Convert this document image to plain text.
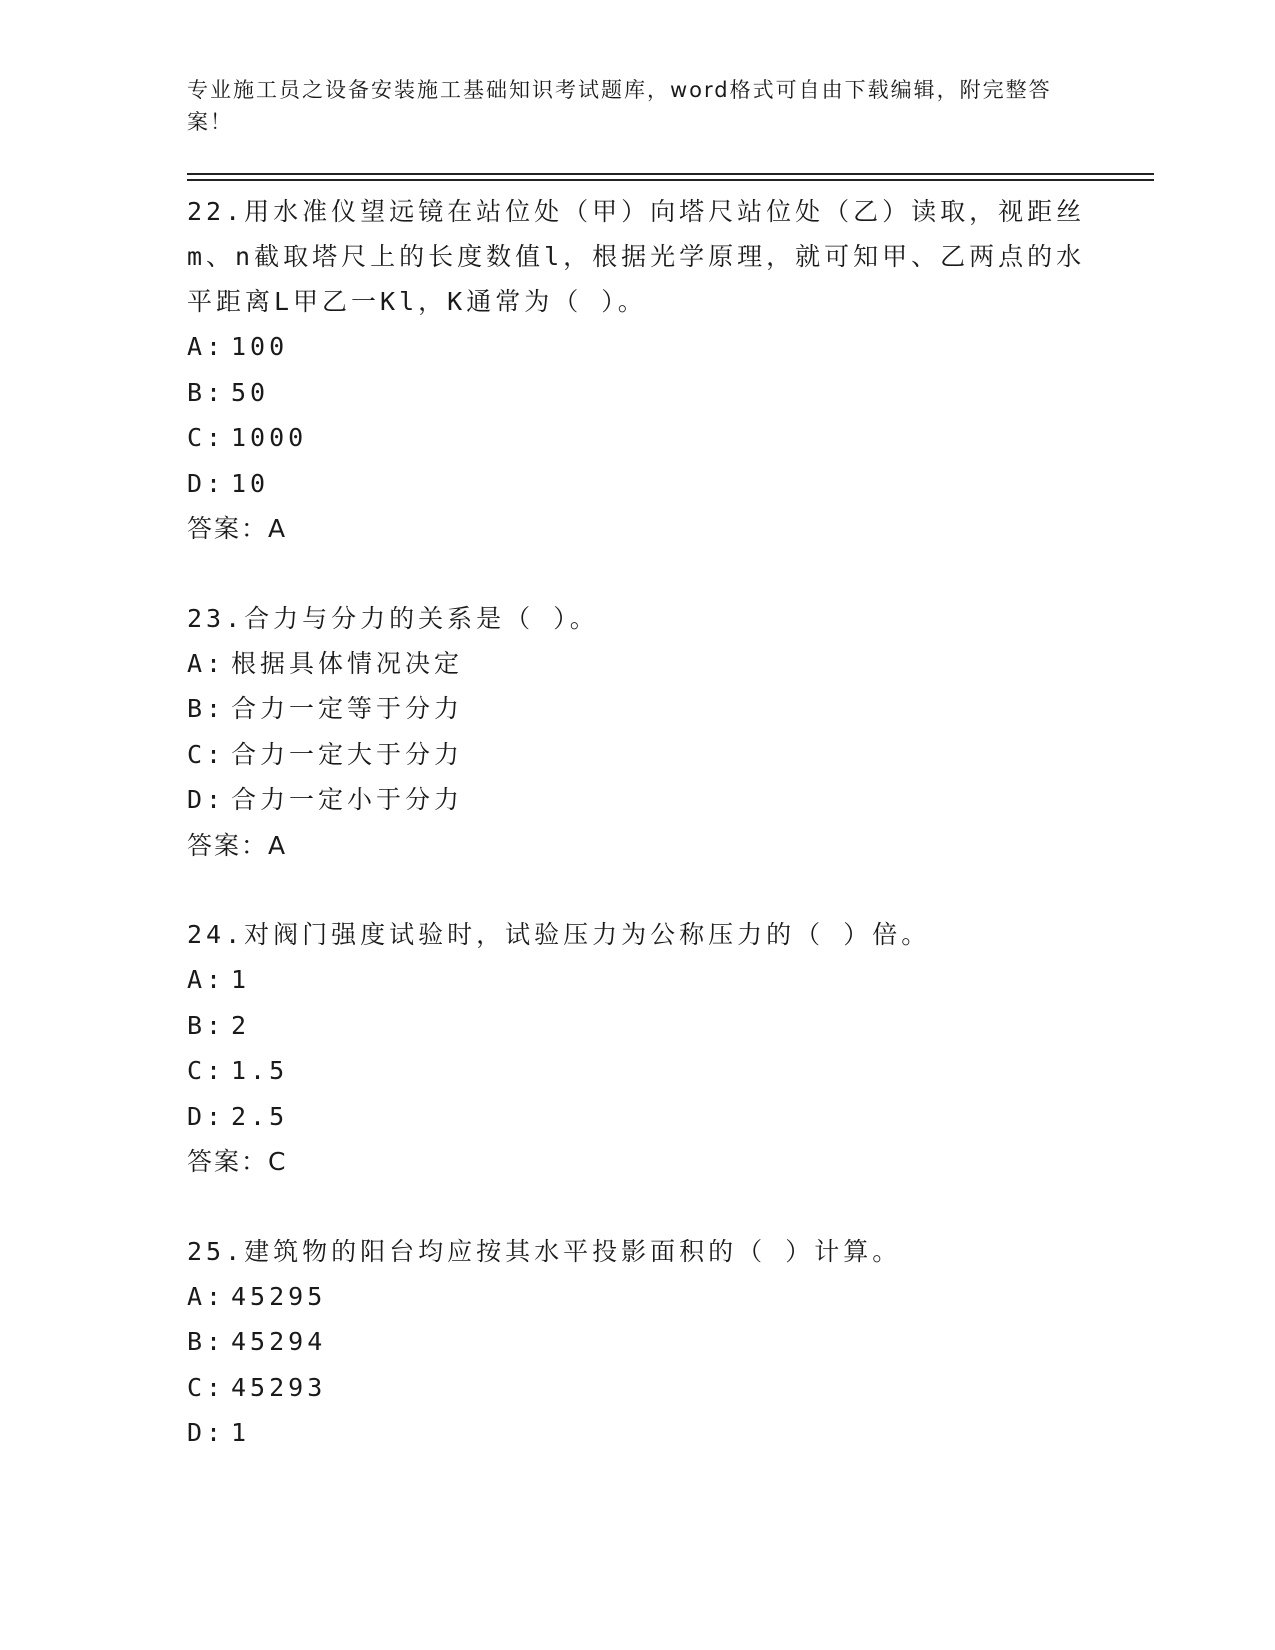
专业施工员之设备安装施工基础知识考试题库，word格式可自由下载编辑，附完整答案！

22.用水准仪望远镜在站位处（甲）向塔尺站位处（乙）读取，视距丝m、n截取塔尺上的长度数值l，根据光学原理，就可知甲、乙两点的水平距离L甲乙一Kl，K通常为（ ）。

A: 100
B: 50
C: 1000
D: 10
答案：A

23.合力与分力的关系是（ ）。

A: 根据具体情况决定
B: 合力一定等于分力
C: 合力一定大于分力
D: 合力一定小于分力
答案：A

24.对阀门强度试验时，试验压力为公称压力的（ ）倍。

A: 1
B: 2
C: 1.5
D: 2.5
答案：C

25.建筑物的阳台均应按其水平投影面积的（ ）计算。

A: 45295
B: 45294
C: 45293
D: 1
